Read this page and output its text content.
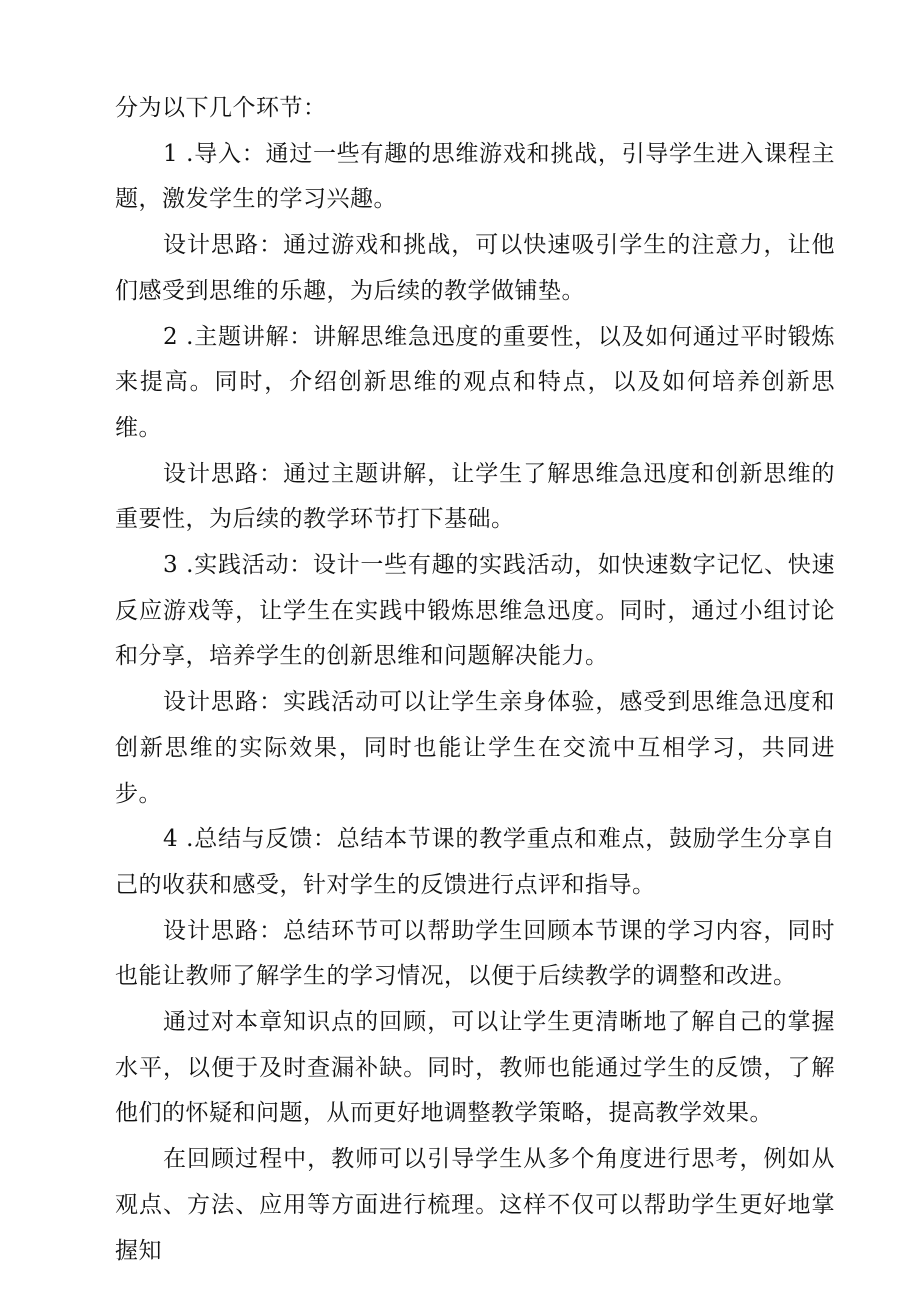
分为以下几个环节：

1 .导入：通过一些有趣的思维游戏和挑战，引导学生进入课程主题，激发学生的学习兴趣。

设计思路：通过游戏和挑战，可以快速吸引学生的注意力，让他们感受到思维的乐趣，为后续的教学做铺垫。

2 .主题讲解：讲解思维急迅度的重要性，以及如何通过平时锻炼来提高。同时，介绍创新思维的观点和特点，以及如何培养创新思维。

设计思路：通过主题讲解，让学生了解思维急迅度和创新思维的重要性，为后续的教学环节打下基础。

3 .实践活动：设计一些有趣的实践活动，如快速数字记忆、快速反应游戏等，让学生在实践中锻炼思维急迅度。同时，通过小组讨论和分享，培养学生的创新思维和问题解决能力。

设计思路：实践活动可以让学生亲身体验，感受到思维急迅度和创新思维的实际效果，同时也能让学生在交流中互相学习，共同进步。

4 .总结与反馈：总结本节课的教学重点和难点，鼓励学生分享自己的收获和感受，针对学生的反馈进行点评和指导。

设计思路：总结环节可以帮助学生回顾本节课的学习内容，同时也能让教师了解学生的学习情况，以便于后续教学的调整和改进。

通过对本章知识点的回顾，可以让学生更清晰地了解自己的掌握水平，以便于及时查漏补缺。同时，教师也能通过学生的反馈，了解他们的怀疑和问题，从而更好地调整教学策略，提高教学效果。

在回顾过程中，教师可以引导学生从多个角度进行思考，例如从观点、方法、应用等方面进行梳理。这样不仅可以帮助学生更好地掌握知
